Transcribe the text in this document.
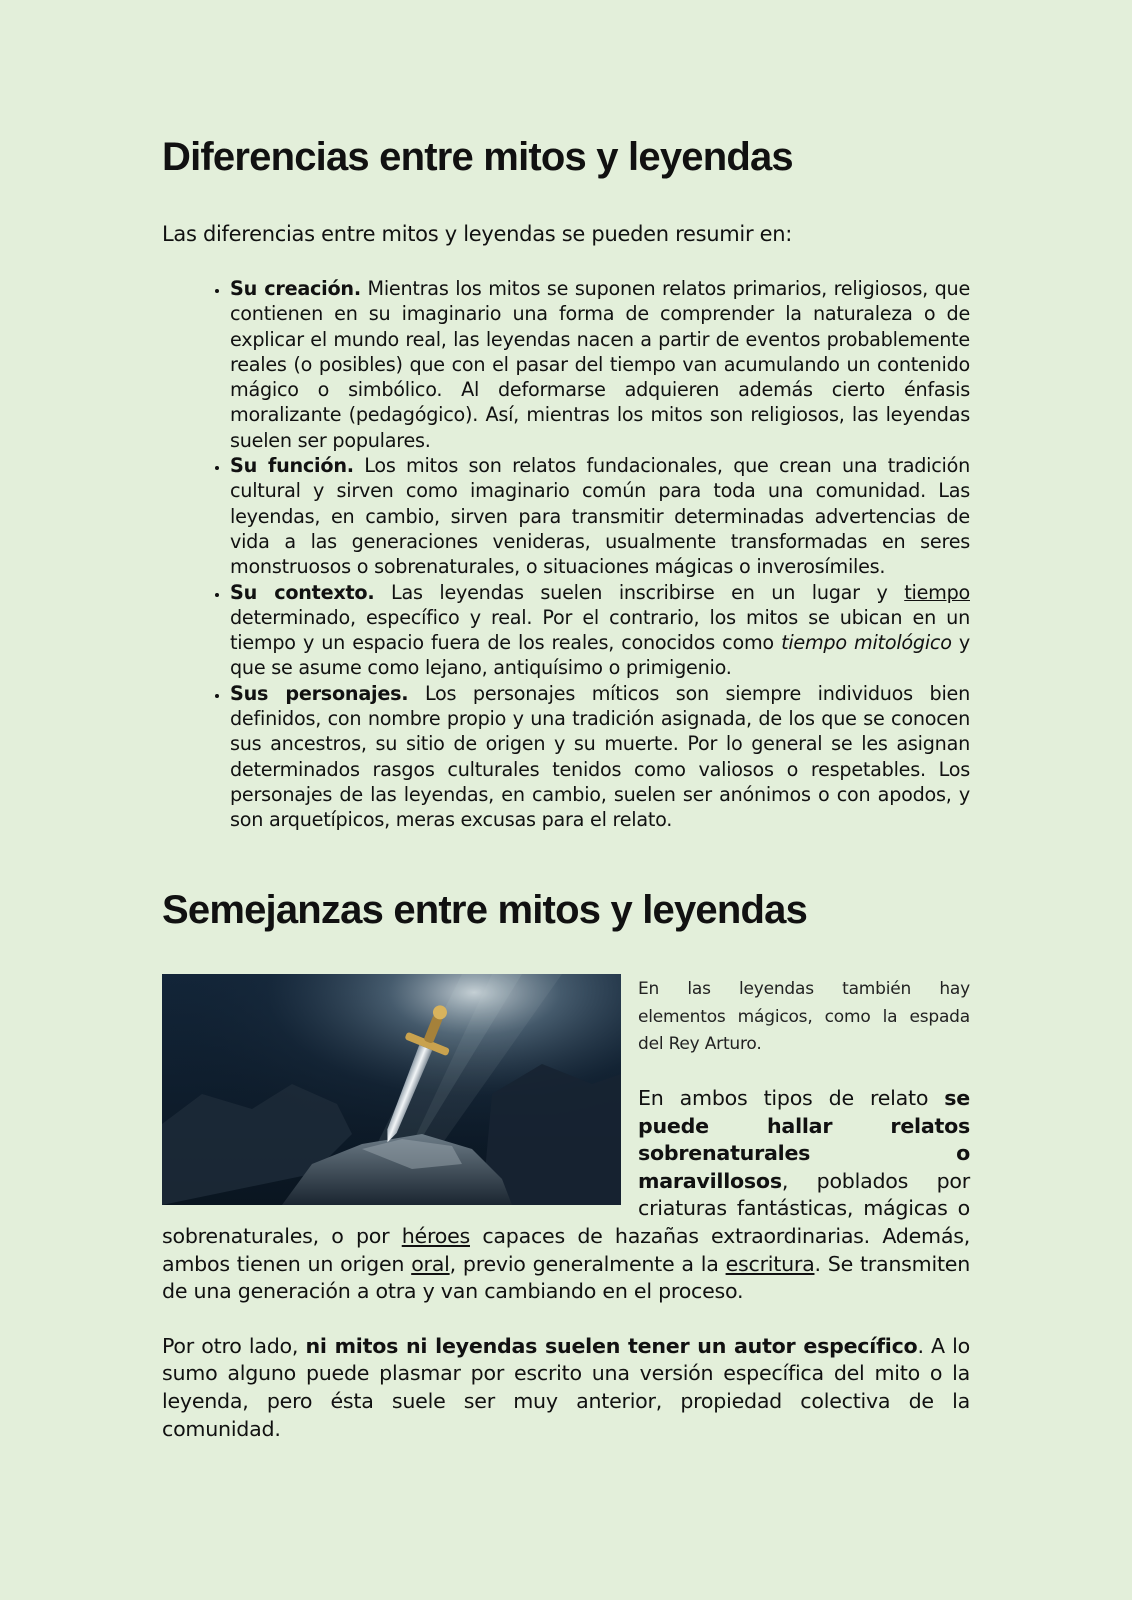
Diferencias entre mitos y leyendas

Las diferencias entre mitos y leyendas se pueden resumir en:

• Su creación. Mientras los mitos se suponen relatos primarios, religiosos, que contienen en su imaginario una forma de comprender la naturaleza o de explicar el mundo real, las leyendas nacen a partir de eventos probablemente reales (o posibles) que con el pasar del tiempo van acumulando un contenido mágico o simbólico. Al deformarse adquieren además cierto énfasis moralizante (pedagógico). Así, mientras los mitos son religiosos, las leyendas suelen ser populares.
• Su función. Los mitos son relatos fundacionales, que crean una tradición cultural y sirven como imaginario común para toda una comunidad. Las leyendas, en cambio, sirven para transmitir determinadas advertencias de vida a las generaciones venideras, usualmente transformadas en seres monstruosos o sobrenaturales, o situaciones mágicas o inverosímiles.
• Su contexto. Las leyendas suelen inscribirse en un lugar y tiempo determinado, específico y real. Por el contrario, los mitos se ubican en un tiempo y un espacio fuera de los reales, conocidos como tiempo mitológico y que se asume como lejano, antiquísimo o primigenio.
• Sus personajes. Los personajes míticos son siempre individuos bien definidos, con nombre propio y una tradición asignada, de los que se conocen sus ancestros, su sitio de origen y su muerte. Por lo general se les asignan determinados rasgos culturales tenidos como valiosos o respetables. Los personajes de las leyendas, en cambio, suelen ser anónimos o con apodos, y son arquetípicos, meras excusas para el relato.
Semejanzas entre mitos y leyendas

En las leyendas también hay elementos mágicos, como la espada del Rey Arturo.

En ambos tipos de relato se puede hallar relatos sobrenaturales o maravillosos, poblados por criaturas fantásticas, mágicas o sobrenaturales, o por héroes capaces de hazañas extraordinarias. Además, ambos tienen un origen oral, previo generalmente a la escritura. Se transmiten de una generación a otra y van cambiando en el proceso.

Por otro lado, ni mitos ni leyendas suelen tener un autor específico. A lo sumo alguno puede plasmar por escrito una versión específica del mito o la leyenda, pero ésta suele ser muy anterior, propiedad colectiva de la comunidad.
